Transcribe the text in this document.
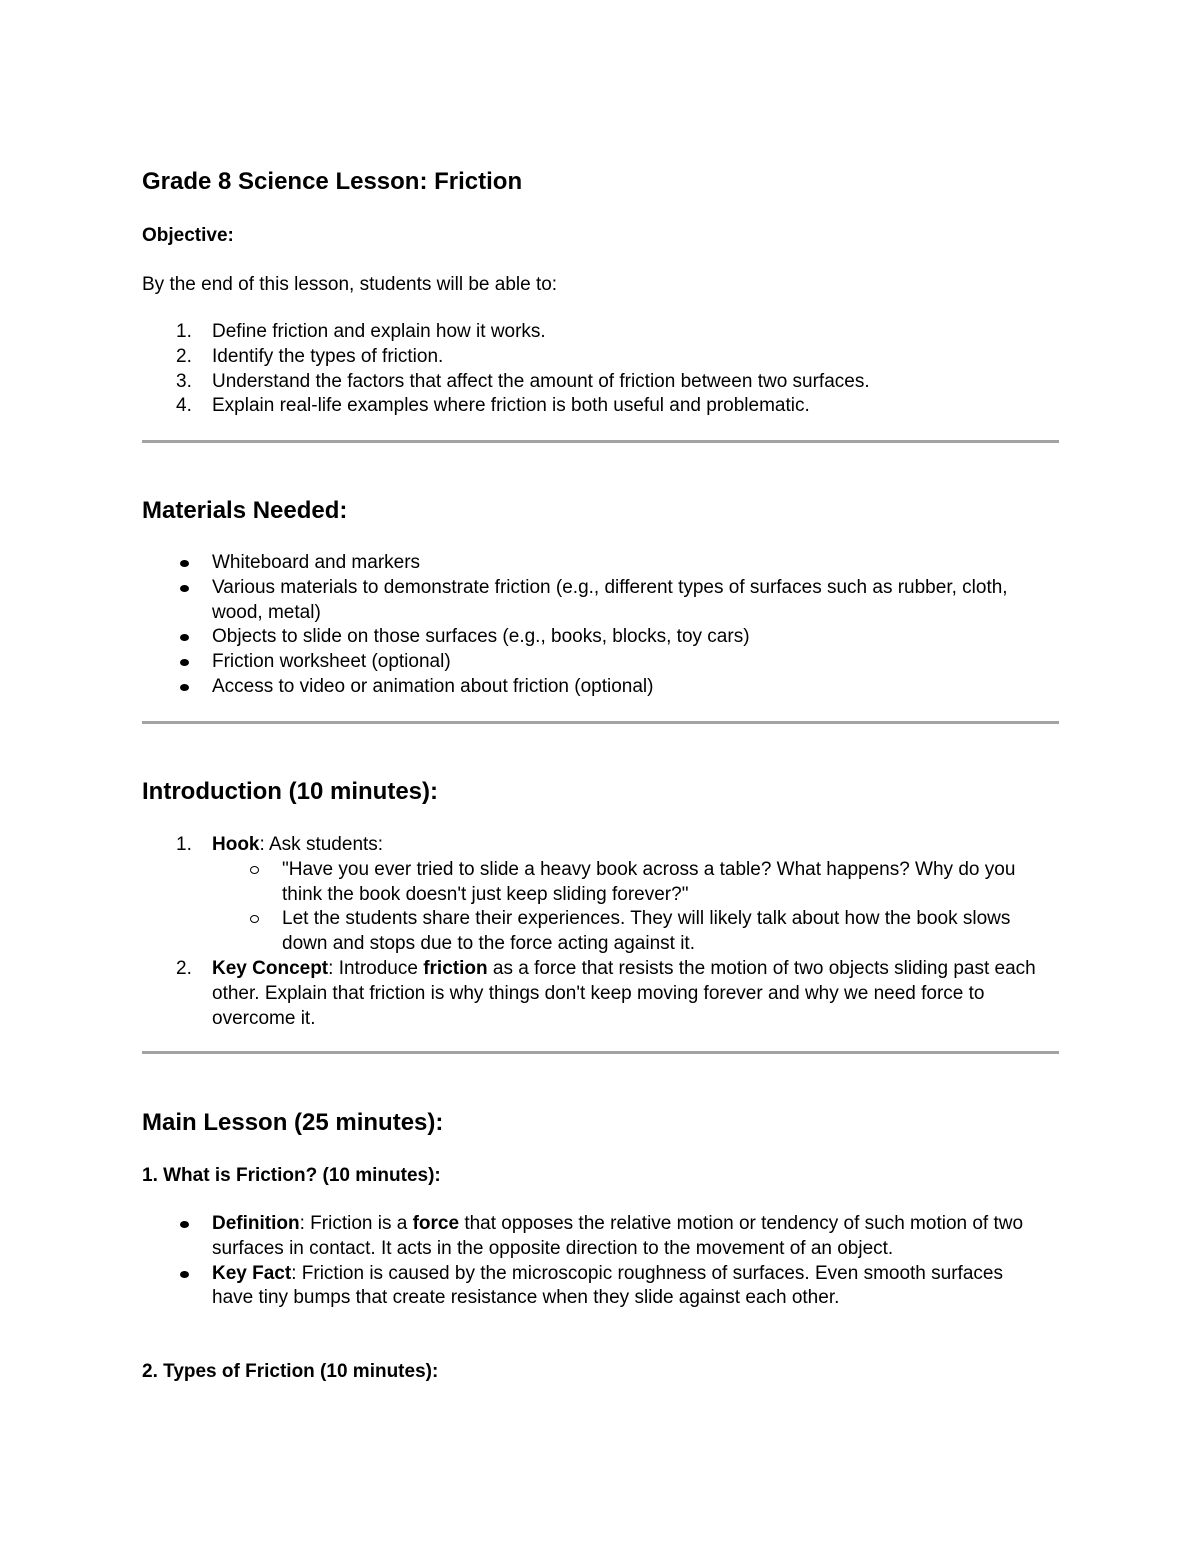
Grade 8 Science Lesson: Friction
Objective:
By the end of this lesson, students will be able to:
1. Define friction and explain how it works.
2. Identify the types of friction.
3. Understand the factors that affect the amount of friction between two surfaces.
4. Explain real-life examples where friction is both useful and problematic.
Materials Needed:
Whiteboard and markers
Various materials to demonstrate friction (e.g., different types of surfaces such as rubber, cloth, wood, metal)
Objects to slide on those surfaces (e.g., books, blocks, toy cars)
Friction worksheet (optional)
Access to video or animation about friction (optional)
Introduction (10 minutes):
1. Hook: Ask students:
"Have you ever tried to slide a heavy book across a table? What happens? Why do you think the book doesn't just keep sliding forever?"
Let the students share their experiences. They will likely talk about how the book slows down and stops due to the force acting against it.
2. Key Concept: Introduce friction as a force that resists the motion of two objects sliding past each other. Explain that friction is why things don't keep moving forever and why we need force to overcome it.
Main Lesson (25 minutes):
1. What is Friction? (10 minutes):
Definition: Friction is a force that opposes the relative motion or tendency of such motion of two surfaces in contact. It acts in the opposite direction to the movement of an object.
Key Fact: Friction is caused by the microscopic roughness of surfaces. Even smooth surfaces have tiny bumps that create resistance when they slide against each other.
2. Types of Friction (10 minutes):
